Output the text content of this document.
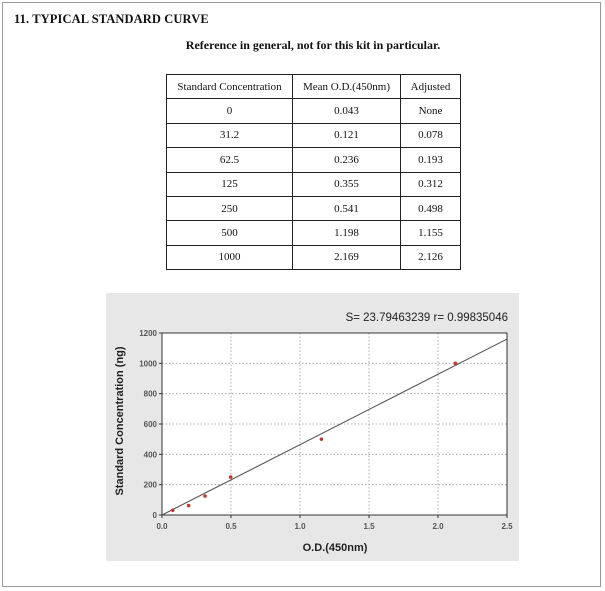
11. TYPICAL STANDARD CURVE
Reference in general, not for this kit in particular.
Standard Concentration	Mean O.D.(450nm)	Adjusted
0	0.043	None
31.2	0.121	0.078
62.5	0.236	0.193
125	0.355	0.312
250	0.541	0.498
500	1.198	1.155
1000	2.169	2.126
0.0	0.5	1.0	1.5	2.0	2.5
0
200
400
600
800
1000
1200
S= 23.79463239 r= 0.99835046
O.D.(450nm)
Standard Concentration (ng)
